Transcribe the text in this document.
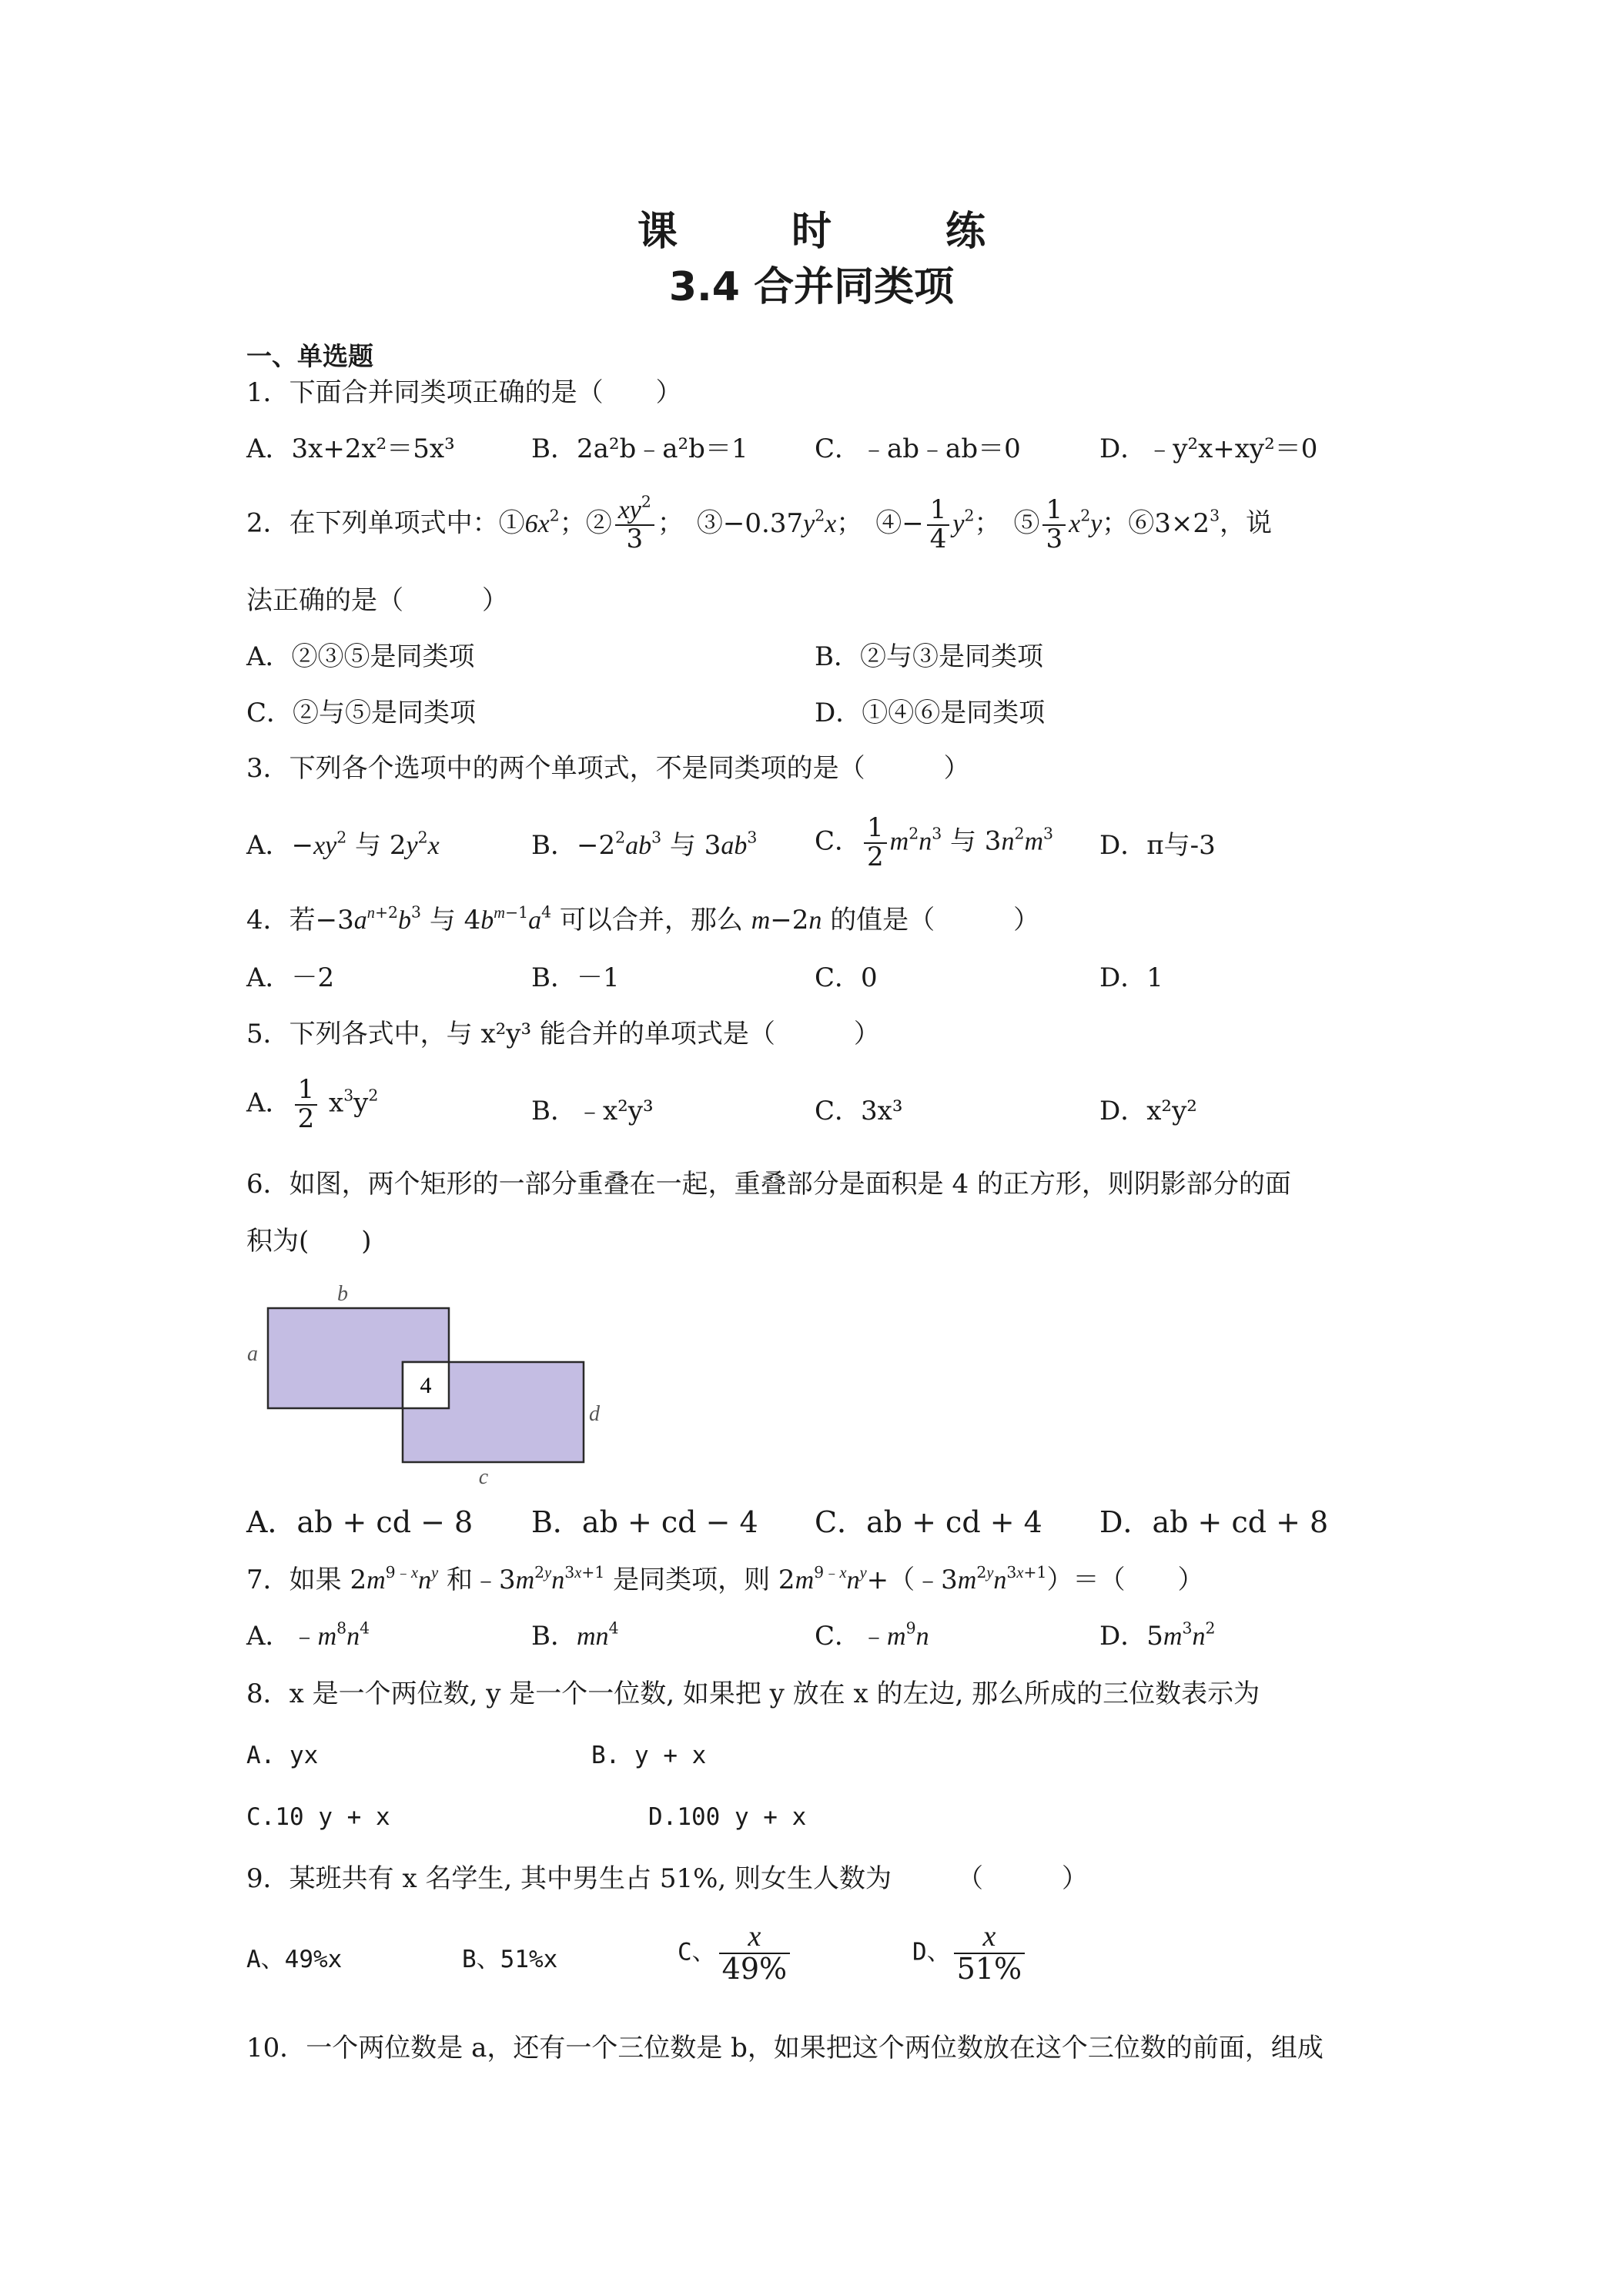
课　时　练
3.4 合并同类项
一、单选题
1．下面合并同类项正确的是（　　）
A．3x+2x²＝5x³	B．2a²b﹣a²b＝1	C．﹣ab﹣ab＝0	D．﹣y²x+xy²＝0
2．在下列单项式中：$①6x^2$；② $\frac{xy^2}{3}$ ；　$③-0.37y^2x$；　④− $\frac{1}{4} y^2$；　⑤ $\frac{1}{3} x^2y$；$⑥3\times 2^3$，说
法正确的是（　　　）
A．②③⑤是同类项	B．②与③是同类项
C．②与⑤是同类项	D．①④⑥是同类项
3．下列各个选项中的两个单项式，不是同类项的是（　　　）
A．$-xy^2$ 与 $2y^2x$	B．$-2^2ab^3$ 与 $3ab^3$ C． $\frac{1}{2} m^2n^3$ 与 $3n^2m^3$ D．π与-3
4．若$-3a^{n+2}b^3$ 与 $4b^{m-1}a^4$ 可以合并，那么 m−2n 的值是（　　　）
A．－2	B．－1	C．0	D．1
5．下列各式中，与 x²y³ 能合并的单项式是（　　　）
A． $\frac{1}{2} x^3y^2$
B．﹣x²y³	C．3x³	D．x²y²
6．如图，两个矩形的一部分重叠在一起，重叠部分是面积是 4 的正方形，则阴影部分的面
积为(　　)
4
b
a
d
c
A．ab + cd − 8 B．ab + cd − 4 C．ab + cd + 4 D．ab + cd + 8
7．如果 $2m^{9﹣x}n^y$ 和$﹣3m^{2y}n^{3x+1}$ 是同类项，则 $2m^{9﹣x}n^y+(﹣3m^{2y}n^{3x+1})=$（　　）
A．$﹣m^8n^4$	B．$mn^4$	C．$﹣m^9n$	D．$5m^3n^2$
8．x 是一个两位数, y 是一个一位数, 如果把 y 放在 x 的左边, 那么所成的三位数表示为
A. yx	B. y + x
C.10 y + x	D.100 y + x
9．某班共有 x 名学生, 其中男生占 51%, 则女生人数为　　　（　　　）
A、49%x	B、51%x	C、 $\frac{x}{49\%}$	D、 $\frac{x}{51\%}$
10．一个两位数是 a，还有一个三位数是 b，如果把这个两位数放在这个三位数的前面，组成
